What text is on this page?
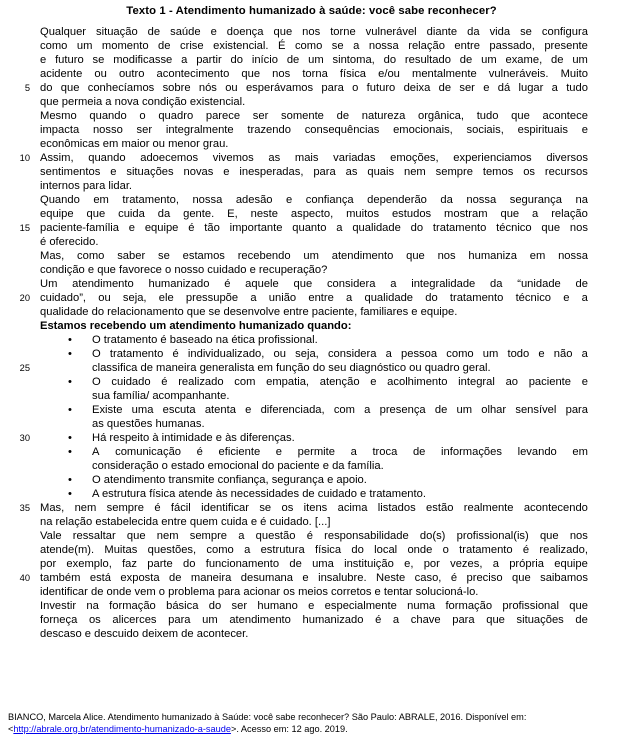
Texto 1 - Atendimento humanizado à saúde: você sabe reconhecer?
Qualquer situação de saúde e doença que nos torne vulnerável diante da vida se configura
como um momento de crise existencial. É como se a nossa relação entre passado, presente
e futuro se modificasse a partir do início de um sintoma, do resultado de um exame, de um
acidente ou outro acontecimento que nos torna física e/ou mentalmente vulneráveis. Muito
5 do que conhecíamos sobre nós ou esperávamos para o futuro deixa de ser e dá lugar a tudo
que permeia a nova condição existencial.
Mesmo quando o quadro parece ser somente de natureza orgânica, tudo que acontece
impacta nosso ser integralmente trazendo consequências emocionais, sociais, espirituais e
econômicas em maior ou menor grau.
10 Assim, quando adoecemos vivemos as mais variadas emoções, experienciamos diversos
sentimentos e situações novas e inesperadas, para as quais nem sempre temos os recursos
internos para lidar.
Quando em tratamento, nossa adesão e confiança dependerão da nossa segurança na
equipe que cuida da gente. E, neste aspecto, muitos estudos mostram que a relação
15 paciente-família e equipe é tão importante quanto a qualidade do tratamento técnico que nos
é oferecido.
Mas, como saber se estamos recebendo um atendimento que nos humaniza em nossa
condição e que favorece o nosso cuidado e recuperação?
Um atendimento humanizado é aquele que considera a integralidade da “unidade de
20 cuidado”, ou seja, ele pressupõe a união entre a qualidade do tratamento técnico e a
qualidade do relacionamento que se desenvolve entre paciente, familiares e equipe.
Estamos recebendo um atendimento humanizado quando:
•	O tratamento é baseado na ética profissional.
•	O tratamento é individualizado, ou seja, considera a pessoa como um todo e não a
25	classifica de maneira generalista em função do seu diagnóstico ou quadro geral.
•	O cuidado é realizado com empatia, atenção e acolhimento integral ao paciente e
sua família/ acompanhante.
•	Existe uma escuta atenta e diferenciada, com a presença de um olhar sensível para
as questões humanas.
30	•	Há respeito à intimidade e às diferenças.
•	A comunicação é eficiente e permite a troca de informações levando em
consideração o estado emocional do paciente e da família.
•	O atendimento transmite confiança, segurança e apoio.
•	A estrutura física atende às necessidades de cuidado e tratamento.
35 Mas, nem sempre é fácil identificar se os itens acima listados estão realmente acontecendo
na relação estabelecida entre quem cuida e é cuidado. [...]
Vale ressaltar que nem sempre a questão é responsabilidade do(s) profissional(is) que nos
atende(m). Muitas questões, como a estrutura física do local onde o tratamento é realizado,
por exemplo, faz parte do funcionamento de uma instituição e, por vezes, a própria equipe
40 também está exposta de maneira desumana e insalubre. Neste caso, é preciso que saibamos
identificar de onde vem o problema para acionar os meios corretos e tentar solucioná-lo.
Investir na formação básica do ser humano e especialmente numa formação profissional que
forneça os alicerces para um atendimento humanizado é a chave para que situações de
descaso e descuido deixem de acontecer.
BIANCO, Marcela Alice. Atendimento humanizado à Saúde: você sabe reconhecer? São Paulo: ABRALE, 2016. Disponível em:
<http://abrale.org.br/atendimento-humanizado-a-saude>. Acesso em: 12 ago. 2019.
